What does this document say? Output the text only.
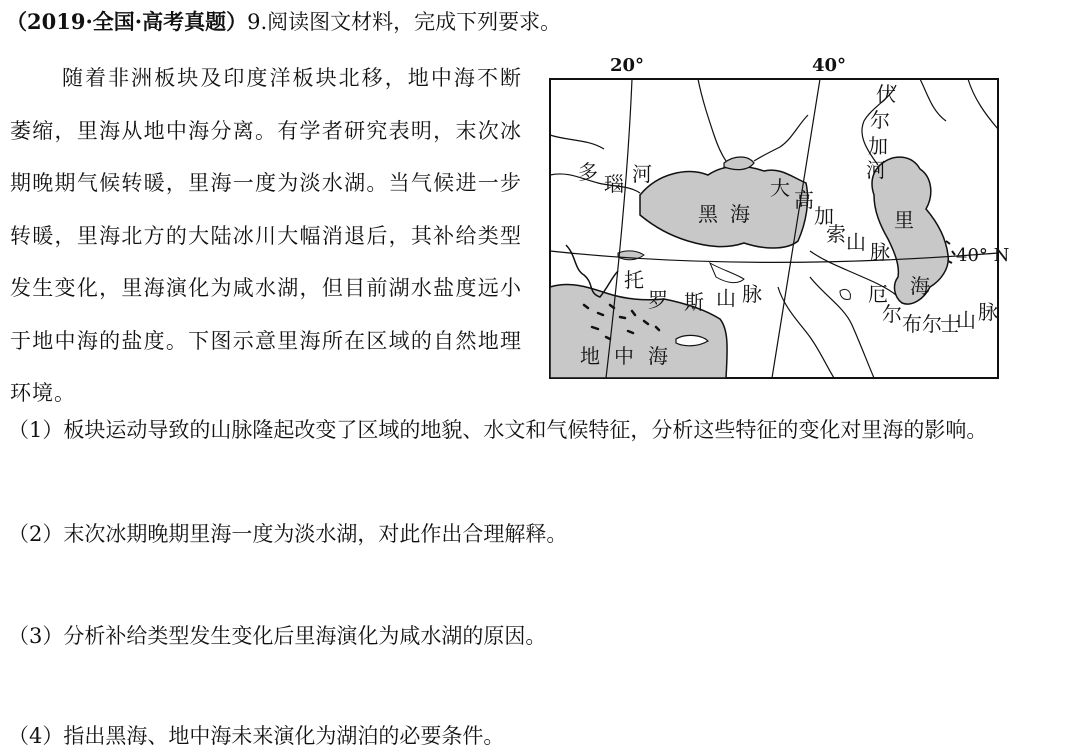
（2019·全国·高考真题）9.阅读图文材料，完成下列要求。

随着非洲板块及印度洋板块北移，地中海不断萎缩，里海从地中海分离。有学者研究表明，末次冰期晚期气候转暖，里海一度为淡水湖。当气候进一步转暖，里海北方的大陆冰川大幅消退后，其补给类型发生变化，里海演化为咸水湖，但目前湖水盐度远小于地中海的盐度。下图示意里海所在区域的自然地理环境。

20°	40°
40° N
多 瑙 河
黑 海
伏
尔
加
河
大 高
加
索 山 脉
里
海
托
罗 斯 山 脉	厄
尔 布 尔
士
山 脉
地 中 海
（1）板块运动导致的山脉隆起改变了区域的地貌、水文和气候特征，分析这些特征的变化对里海的影响。
（2）末次冰期晚期里海一度为淡水湖，对此作出合理解释。
（3）分析补给类型发生变化后里海演化为咸水湖的原因。
（4）指出黑海、地中海未来演化为湖泊的必要条件。
